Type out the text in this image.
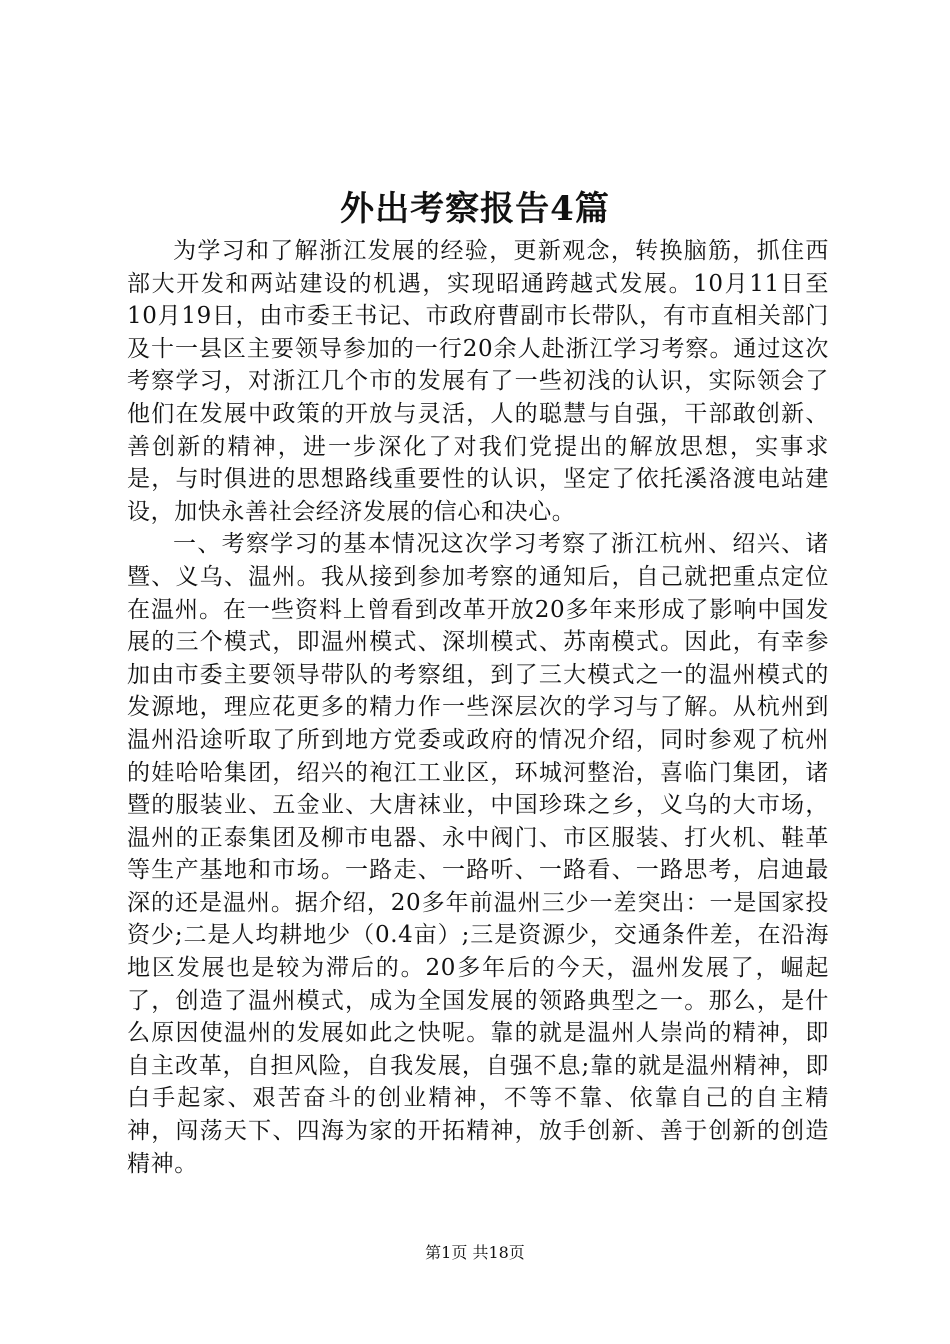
外出考察报告4篇

为学习和了解浙江发展的经验，更新观念，转换脑筋，抓住西部大开发和两站建设的机遇，实现昭通跨越式发展。10月11日至10月19日，由市委王书记、市政府曹副市长带队，有市直相关部门及十一县区主要领导参加的一行20余人赴浙江学习考察。通过这次考察学习，对浙江几个市的发展有了一些初浅的认识，实际领会了他们在发展中政策的开放与灵活，人的聪慧与自强，干部敢创新、善创新的精神，进一步深化了对我们党提出的解放思想，实事求是，与时俱进的思想路线重要性的认识，坚定了依托溪洛渡电站建设，加快永善社会经济发展的信心和决心。

一、考察学习的基本情况这次学习考察了浙江杭州、绍兴、诸暨、义乌、温州。我从接到参加考察的通知后，自己就把重点定位在温州。在一些资料上曾看到改革开放20多年来形成了影响中国发展的三个模式，即温州模式、深圳模式、苏南模式。因此，有幸参加由市委主要领导带队的考察组，到了三大模式之一的温州模式的发源地，理应花更多的精力作一些深层次的学习与了解。从杭州到温州沿途听取了所到地方党委或政府的情况介绍，同时参观了杭州的娃哈哈集团，绍兴的袍江工业区，环城河整治，喜临门集团，诸暨的服装业、五金业、大唐袜业，中国珍珠之乡，义乌的大市场，温州的正泰集团及柳市电器、永中阀门、市区服装、打火机、鞋革等生产基地和市场。一路走、一路听、一路看、一路思考，启迪最深的还是温州。据介绍，20多年前温州三少一差突出：一是国家投资少;二是人均耕地少（0.4亩）;三是资源少，交通条件差，在沿海地区发展也是较为滞后的。20多年后的今天，温州发展了，崛起了，创造了温州模式，成为全国发展的领路典型之一。那么，是什么原因使温州的发展如此之快呢。靠的就是温州人崇尚的精神，即自主改革，自担风险，自我发展，自强不息;靠的就是温州精神，即白手起家、艰苦奋斗的创业精神，不等不靠、依靠自己的自主精神，闯荡天下、四海为家的开拓精神，放手创新、善于创新的创造精神。

第1页 共18页
